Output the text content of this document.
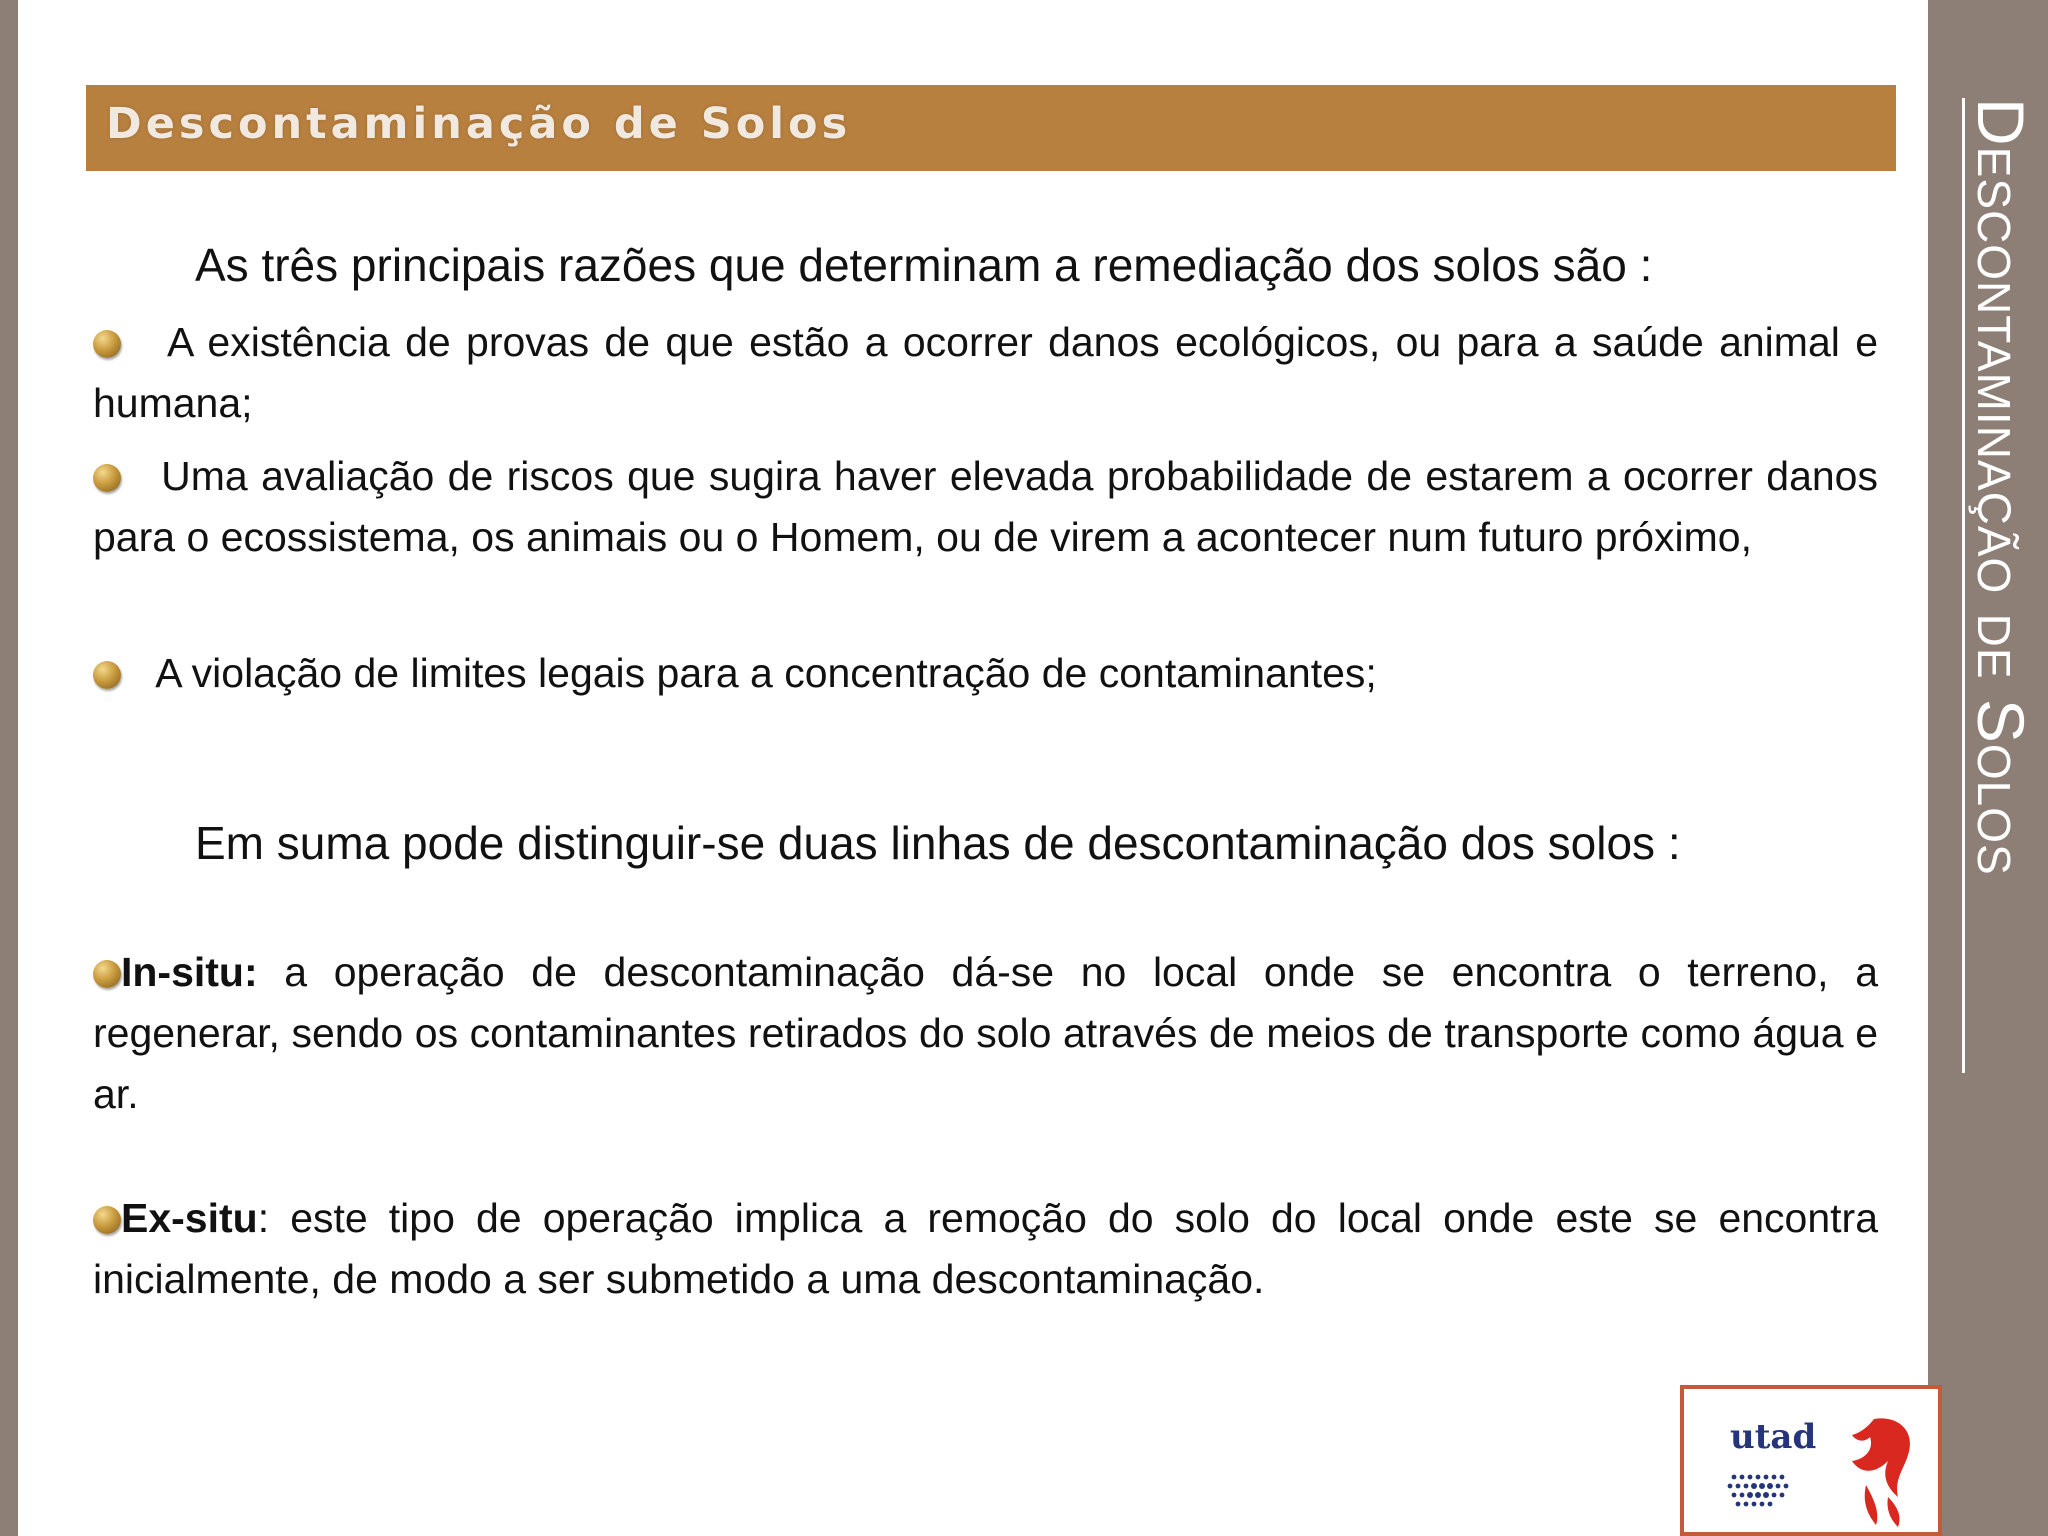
Descontaminação de Solos
As três principais razões que determinam a remediação dos solos são :
A existência de provas de que estão a ocorrer danos ecológicos, ou para a saúde animal e humana;
Uma avaliação de riscos que sugira haver elevada probabilidade de estarem a ocorrer danos para o ecossistema, os animais ou o Homem, ou de virem a acontecer num futuro próximo,
A violação de limites legais para a concentração de contaminantes;
Em suma pode distinguir-se duas linhas de descontaminação dos solos :
In-situ: a operação de descontaminação dá-se no local onde se encontra o terreno, a regenerar, sendo os contaminantes retirados do solo através de meios de transporte como água e ar.
Ex-situ: este tipo de operação implica a remoção do solo do local onde este se encontra inicialmente, de modo a ser submetido a uma descontaminação.
utad
Descontaminação de Solos
